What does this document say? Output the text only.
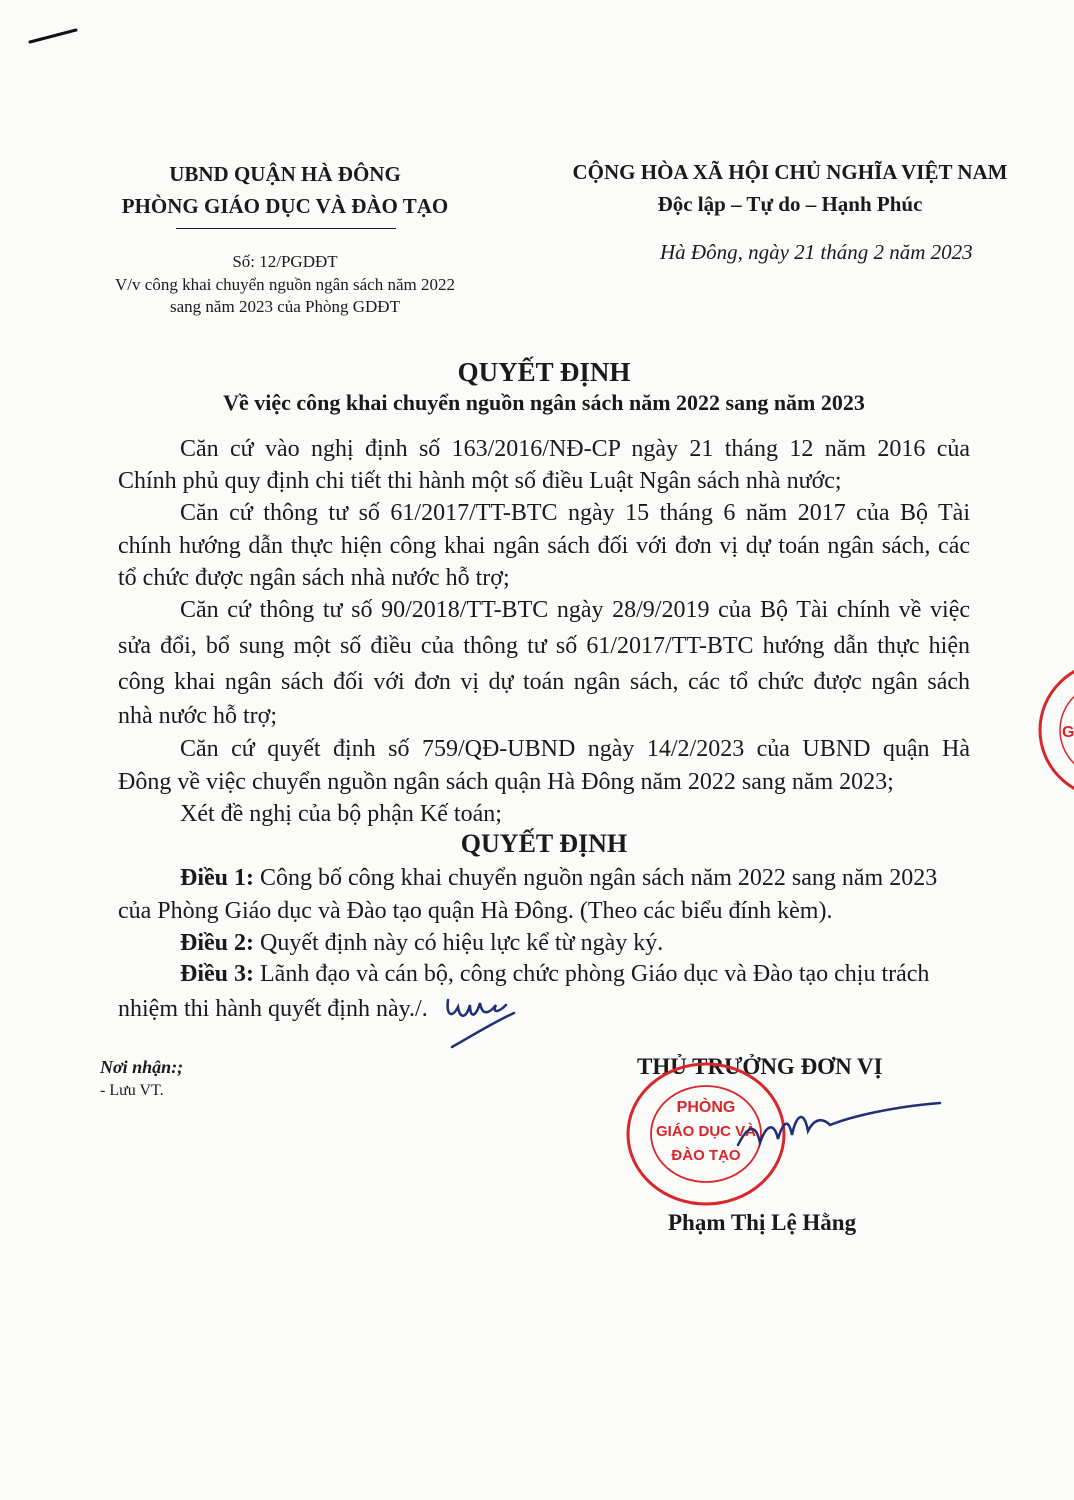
UBND QUẬN HÀ ĐÔNG
PHÒNG GIÁO DỤC VÀ ĐÀO TẠO
Số: 12/PGDĐT
V/v công khai chuyển nguồn ngân sách năm 2022
sang năm 2023 của Phòng GDĐT
CỘNG HÒA XÃ HỘI CHỦ NGHĨA VIỆT NAM
Độc lập – Tự do – Hạnh Phúc
Hà Đông, ngày 21 tháng 2 năm 2023
QUYẾT ĐỊNH
Về việc công khai chuyển nguồn ngân sách năm 2022 sang năm 2023
Căn cứ vào nghị định số 163/2016/NĐ-CP ngày 21 tháng 12 năm 2016 của
Chính phủ quy định chi tiết thi hành một số điều Luật Ngân sách nhà nước;
Căn cứ thông tư số 61/2017/TT-BTC ngày 15 tháng 6 năm 2017 của Bộ Tài
chính hướng dẫn thực hiện công khai ngân sách đối với đơn vị dự toán ngân sách, các
tổ chức được ngân sách nhà nước hỗ trợ;
Căn cứ thông tư số 90/2018/TT-BTC ngày 28/9/2019 của Bộ Tài chính về việc
sửa đổi, bổ sung một số điều của thông tư số 61/2017/TT-BTC hướng dẫn thực hiện
công khai ngân sách đối với đơn vị dự toán ngân sách, các tổ chức được ngân sách
nhà nước hỗ trợ;
Căn cứ quyết định số 759/QĐ-UBND ngày 14/2/2023 của UBND quận Hà
Đông về việc chuyển nguồn ngân sách quận Hà Đông năm 2022 sang năm 2023;
Xét đề nghị của bộ phận Kế toán;
QUYẾT ĐỊNH
Điều 1: Công bố công khai chuyển nguồn ngân sách năm 2022 sang năm 2023
của Phòng Giáo dục và Đào tạo quận Hà Đông. (Theo các biểu đính kèm).
Điều 2: Quyết định này có hiệu lực kể từ ngày ký.
Điều 3: Lãnh đạo và cán bộ, công chức phòng Giáo dục và Đào tạo chịu trách
nhiệm thi hành quyết định này./.
Nơi nhận:;
- Lưu VT.
THỦ TRƯỞNG ĐƠN VỊ
PHÒNG
GIÁO DỤC VÀ
ĐÀO TẠO
Phạm Thị Lệ Hằng
G
